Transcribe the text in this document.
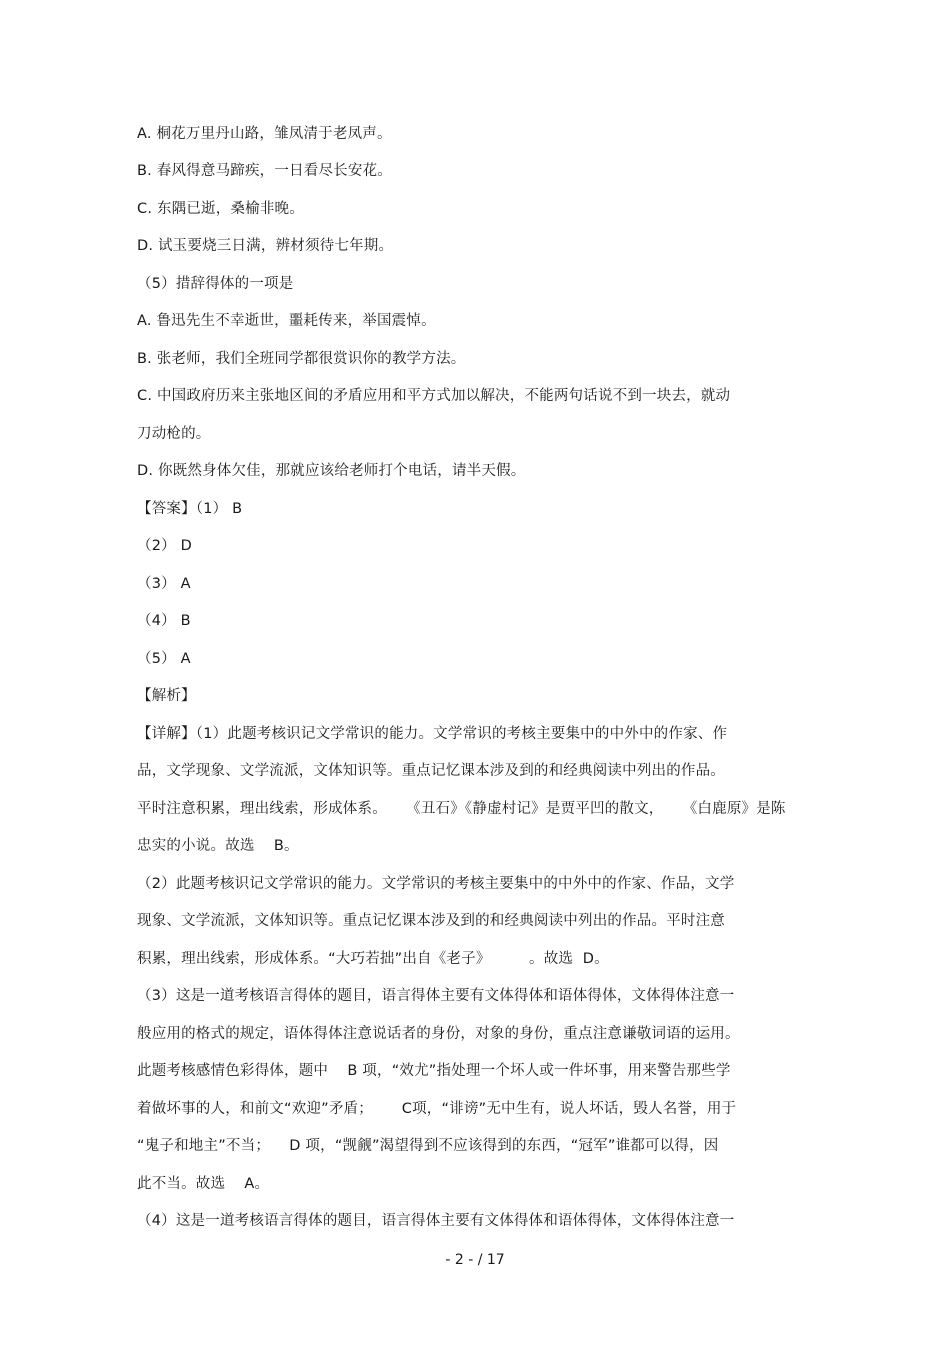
A. 桐花万里丹山路，雏凤清于老凤声。
B. 春风得意马蹄疾，一日看尽长安花。
C. 东隅已逝，桑榆非晚。
D. 试玉要烧三日满，辨材须待七年期。
（5）措辞得体的一项是
A. 鲁迅先生不幸逝世，噩耗传来，举国震悼。
B. 张老师，我们全班同学都很赏识你的教学方法。
C. 中国政府历来主张地区间的矛盾应用和平方式加以解决，不能两句话说不到一块去，就动
刀动枪的。
D. 你既然身体欠佳，那就应该给老师打个电话，请半天假。
【答案】（1） B
（2） D
（3） A
（4） B
（5） A
【解析】
【详解】（1）此题考核识记文学常识的能力。文学常识的考核主要集中的中外中的作家、作
品，文学现象、文学流派，文体知识等。重点记忆课本涉及到的和经典阅读中列出的作品。
平时注意积累，理出线索，形成体系。    《丑石》《静虚村记》是贾平凹的散文，    《白鹿原》是陈
忠实的小说。故选    B。
（2）此题考核识记文学常识的能力。文学常识的考核主要集中的中外中的作家、作品，文学
现象、文学流派，文体知识等。重点记忆课本涉及到的和经典阅读中列出的作品。平时注意
积累，理出线索，形成体系。“大巧若拙”出自《老子》        。故选  D。
（3）这是一道考核语言得体的题目，语言得体主要有文体得体和语体得体，文体得体注意一
般应用的格式的规定，语体得体注意说话者的身份，对象的身份，重点注意谦敬词语的运用。
此题考核感情色彩得体，题中    B 项，“效尤”指处理一个坏人或一件坏事，用来警告那些学
着做坏事的人，和前文“欢迎”矛盾；      C项，“诽谤”无中生有，说人坏话，毁人名誉，用于
“鬼子和地主”不当；    D 项，“觊觎”渴望得到不应该得到的东西，“冠军”谁都可以得，因
此不当。故选    A。
（4）这是一道考核语言得体的题目，语言得体主要有文体得体和语体得体，文体得体注意一
- 2 - / 17
